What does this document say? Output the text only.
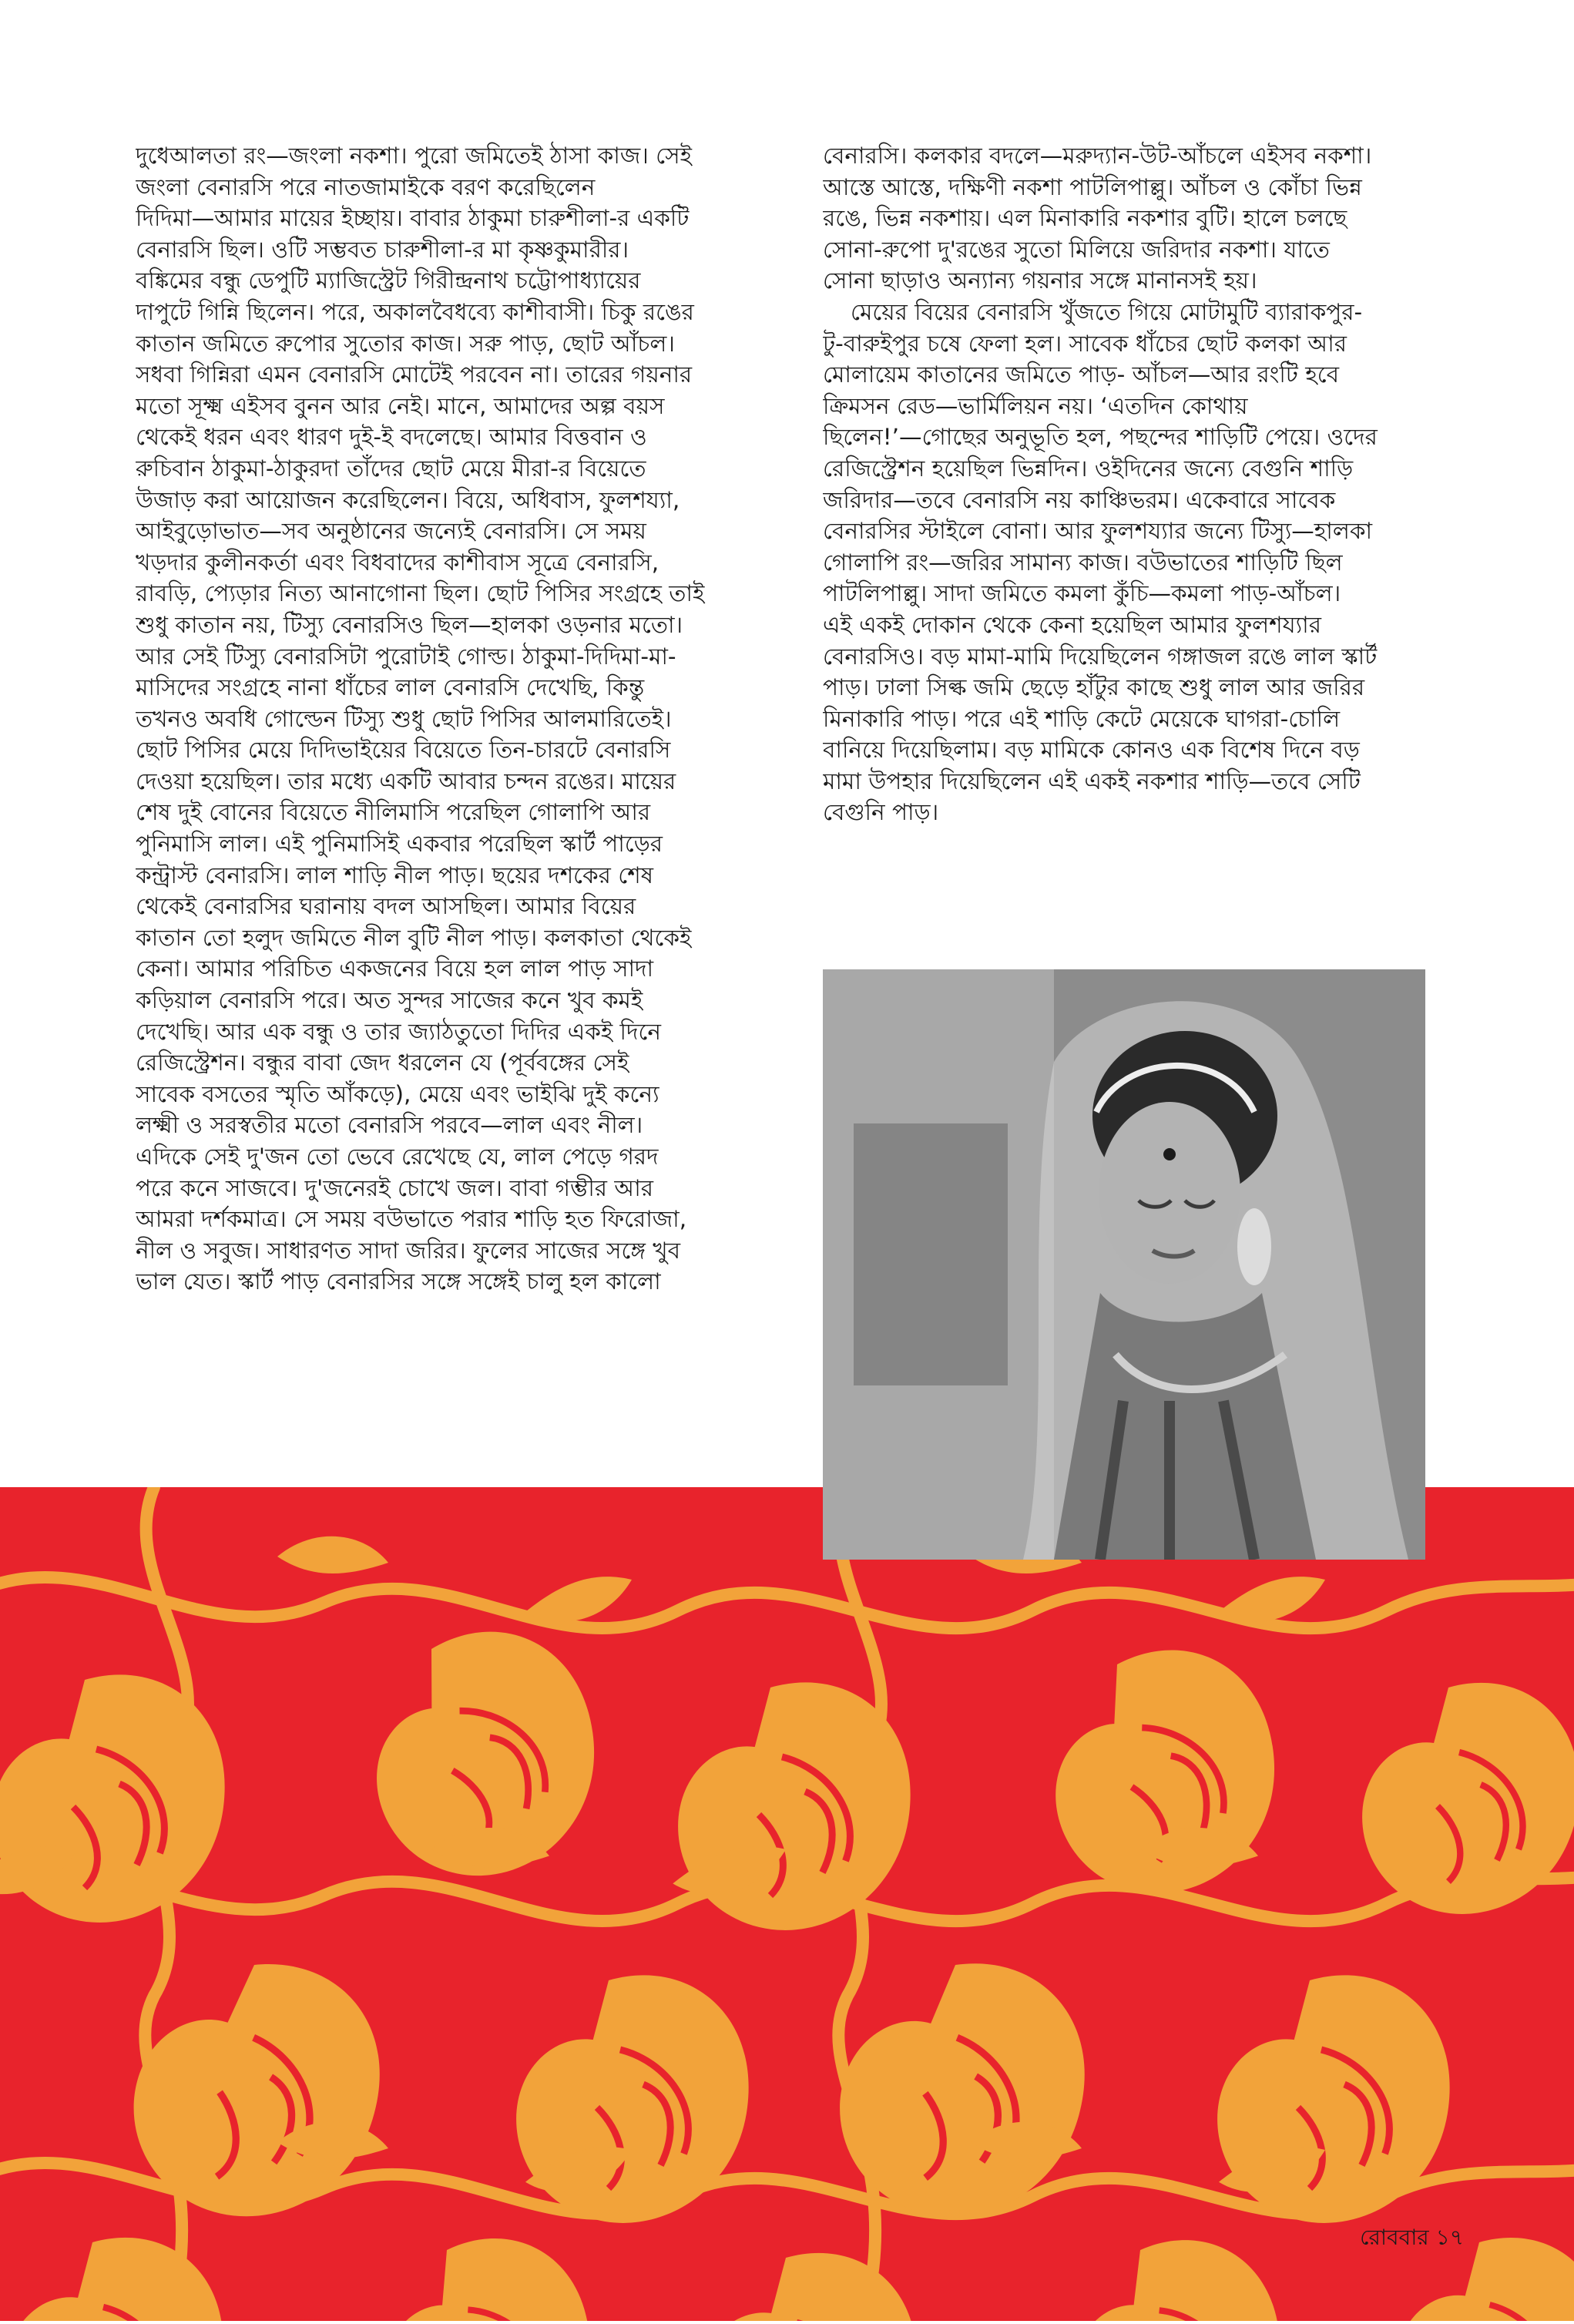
দুধেআলতা রং—জংলা নকশা। পুরো জমিতেই ঠাসা কাজ। সেই
জংলা বেনারসি পরে নাতজামাইকে বরণ করেছিলেন
দিদিমা—আমার মায়ের ইচ্ছায়। বাবার ঠাকুমা চারুশীলা-র একটি
বেনারসি ছিল। ওটি সম্ভবত চারুশীলা-র মা কৃষ্ণকুমারীর।
বঙ্কিমের বন্ধু ডেপুটি ম্যাজিস্ট্রেট গিরীন্দ্রনাথ চট্টোপাধ্যায়ের
দাপুটে গিন্নি ছিলেন। পরে, অকালবৈধব্যে কাশীবাসী। চিকু রঙের
কাতান জমিতে রুপোর সুতোর কাজ। সরু পাড়, ছোট আঁচল।
সধবা গিন্নিরা এমন বেনারসি মোটেই পরবেন না। তারের গয়নার
মতো সূক্ষ্ম এইসব বুনন আর নেই। মানে, আমাদের অল্প বয়স
থেকেই ধরন এবং ধারণ দুই-ই বদলেছে। আমার বিত্তবান ও
রুচিবান ঠাকুমা-ঠাকুরদা তাঁদের ছোট মেয়ে মীরা-র বিয়েতে
উজাড় করা আয়োজন করেছিলেন। বিয়ে, অধিবাস, ফুলশয্যা,
আইবুড়োভাত—সব অনুষ্ঠানের জন্যেই বেনারসি। সে সময়
খড়দার কুলীনকর্তা এবং বিধবাদের কাশীবাস সূত্রে বেনারসি,
রাবড়ি, প্যেড়ার নিত্য আনাগোনা ছিল। ছোট পিসির সংগ্রহে তাই
শুধু কাতান নয়, টিস্যু বেনারসিও ছিল—হালকা ওড়নার মতো।
আর সেই টিস্যু বেনারসিটা পুরোটাই গোল্ড। ঠাকুমা-দিদিমা-মা-
মাসিদের সংগ্রহে নানা ধাঁচের লাল বেনারসি দেখেছি, কিন্তু
তখনও অবধি গোল্ডেন টিস্যু শুধু ছোট পিসির আলমারিতেই।
ছোট পিসির মেয়ে দিদিভাইয়ের বিয়েতে তিন-চারটে বেনারসি
দেওয়া হয়েছিল। তার মধ্যে একটি আবার চন্দন রঙের। মায়ের
শেষ দুই বোনের বিয়েতে নীলিমাসি পরেছিল গোলাপি আর
পুনিমাসি লাল। এই পুনিমাসিই একবার পরেছিল স্কার্ট পাড়ের
কন্ট্রাস্ট বেনারসি। লাল শাড়ি নীল পাড়। ছয়ের দশকের শেষ
থেকেই বেনারসির ঘরানায় বদল আসছিল। আমার বিয়ের
কাতান তো হলুদ জমিতে নীল বুটি নীল পাড়। কলকাতা থেকেই
কেনা। আমার পরিচিত একজনের বিয়ে হল লাল পাড় সাদা
কড়িয়াল বেনারসি পরে। অত সুন্দর সাজের কনে খুব কমই
দেখেছি। আর এক বন্ধু ও তার জ্যাঠতুতো দিদির একই দিনে
রেজিস্ট্রেশন। বন্ধুর বাবা জেদ ধরলেন যে (পূর্ববঙ্গের সেই
সাবেক বসতের স্মৃতি আঁকড়ে), মেয়ে এবং ভাইঝি দুই কন্যে
লক্ষ্মী ও সরস্বতীর মতো বেনারসি পরবে—লাল এবং নীল।
এদিকে সেই দু'জন তো ভেবে রেখেছে যে, লাল পেড়ে গরদ
পরে কনে সাজবে। দু'জনেরই চোখে জল। বাবা গম্ভীর আর
আমরা দর্শকমাত্র। সে সময় বউভাতে পরার শাড়ি হত ফিরোজা,
নীল ও সবুজ। সাধারণত সাদা জরির। ফুলের সাজের সঙ্গে খুব
ভাল যেত। স্কার্ট পাড় বেনারসির সঙ্গে সঙ্গেই চালু হল কালো
বেনারসি। কলকার বদলে—মরুদ্যান-উট-আঁচলে এইসব নকশা।
আস্তে আস্তে, দক্ষিণী নকশা পাটলিপাল্লু। আঁচল ও কোঁচা ভিন্ন
রঙে, ভিন্ন নকশায়। এল মিনাকারি নকশার বুটি। হালে চলছে
সোনা-রুপো দু'রঙের সুতো মিলিয়ে জরিদার নকশা। যাতে
সোনা ছাড়াও অন্যান্য গয়নার সঙ্গে মানানসই হয়।
মেয়ের বিয়ের বেনারসি খুঁজতে গিয়ে মোটামুটি ব্যারাকপুর-
টু-বারুইপুর চষে ফেলা হল। সাবেক ধাঁচের ছোট কলকা আর
মোলায়েম কাতানের জমিতে পাড়- আঁচল—আর রংটি হবে
ক্রিমসন রেড—ভার্মিলিয়ন নয়। ‘এতদিন কোথায়
ছিলেন!’—গোছের অনুভূতি হল, পছন্দের শাড়িটি পেয়ে। ওদের
রেজিস্ট্রেশন হয়েছিল ভিন্নদিন। ওইদিনের জন্যে বেগুনি শাড়ি
জরিদার—তবে বেনারসি নয় কাঞ্চিভরম। একেবারে সাবেক
বেনারসির স্টাইলে বোনা। আর ফুলশয্যার জন্যে টিস্যু—হালকা
গোলাপি রং—জরির সামান্য কাজ। বউভাতের শাড়িটি ছিল
পাটলিপাল্লু। সাদা জমিতে কমলা কুঁচি—কমলা পাড়-আঁচল।
এই একই দোকান থেকে কেনা হয়েছিল আমার ফুলশয্যার
বেনারসিও। বড় মামা-মামি দিয়েছিলেন গঙ্গাজল রঙে লাল স্কার্ট
পাড়। ঢালা সিল্ক জমি ছেড়ে হাঁটুর কাছে শুধু লাল আর জরির
মিনাকারি পাড়। পরে এই শাড়ি কেটে মেয়েকে ঘাগরা-চোলি
বানিয়ে দিয়েছিলাম। বড় মামিকে কোনও এক বিশেষ দিনে বড়
মামা উপহার দিয়েছিলেন এই একই নকশার শাড়ি—তবে সেটি
বেগুনি পাড়।
রোববার ১৭
